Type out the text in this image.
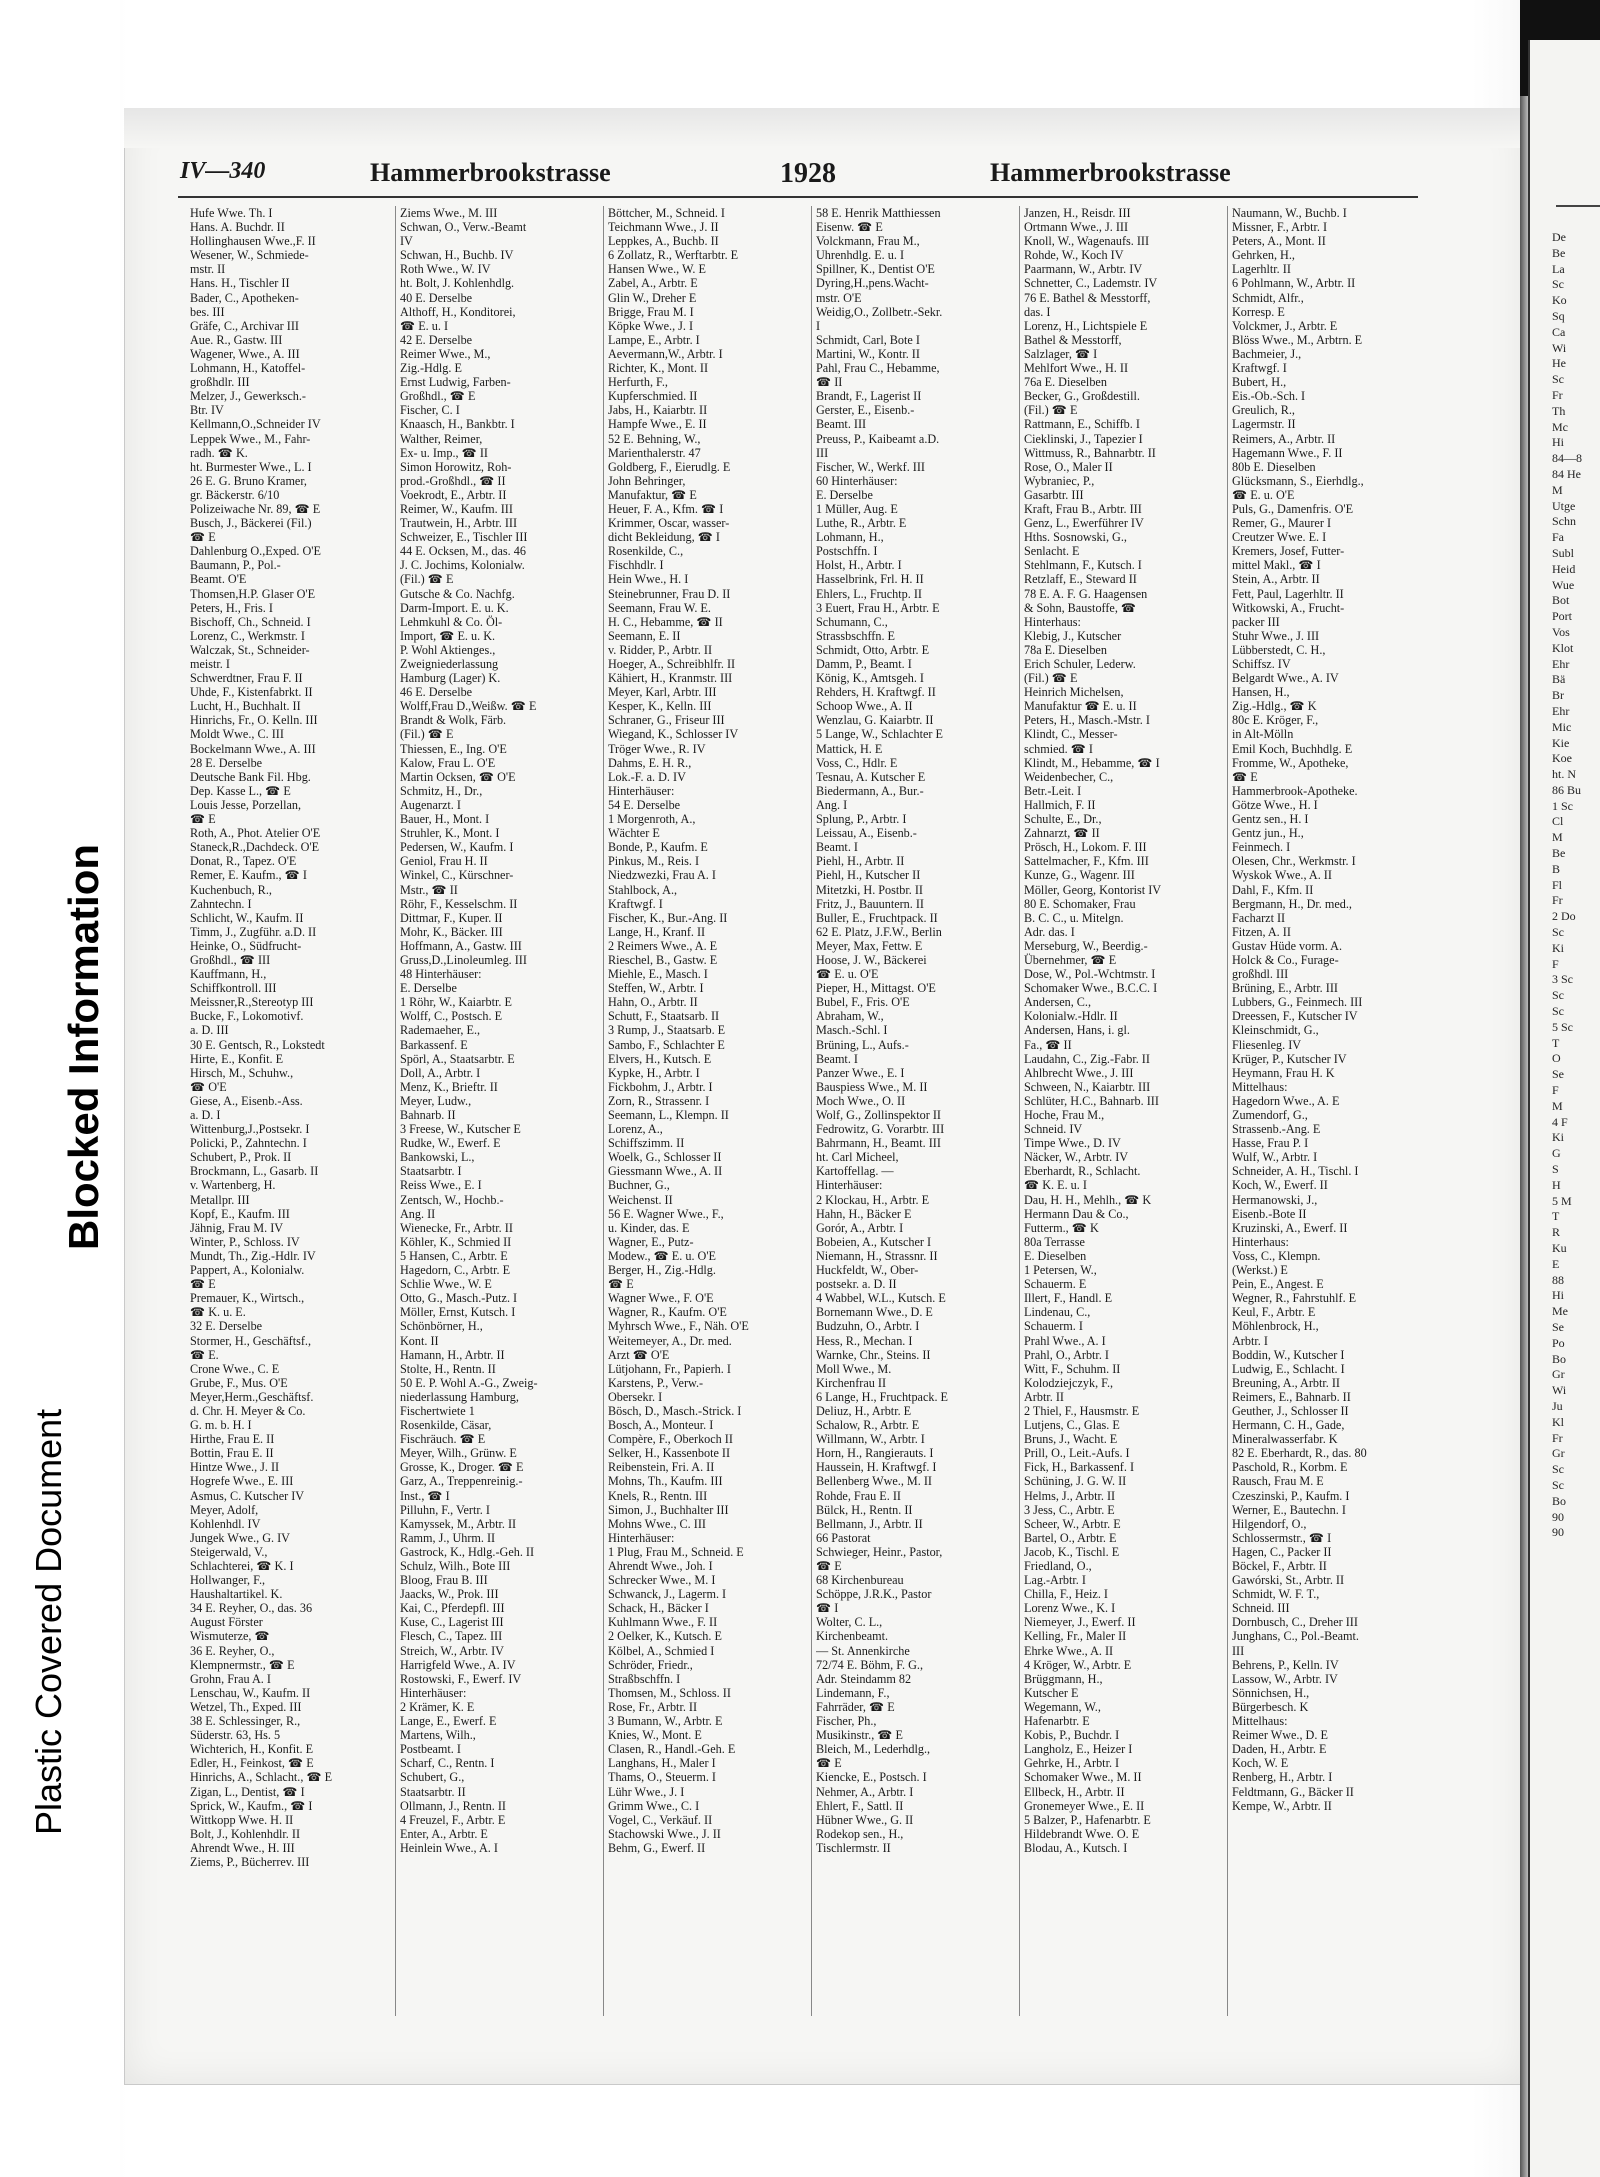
Plastic Covered Document
Blocked Information
IV—340	Hammerbrookstrasse	1928	Hammerbrookstrasse
Hufe Wwe. Th. I
Hans. A. Buchdr. II
Hollinghausen Wwe.,F. II
Wesener, W., Schmiede-
mstr. II
Hans. H., Tischler II
Bader, C., Apotheken-
bes. III
Gräfe, C., Archivar III
Aue. R., Gastw. III
Wagener, Wwe., A. III
Lohmann, H., Katoffel-
großhdlr. III
Melzer, J., Gewerksch.-
Btr. IV
Kellmann,O.,Schneider IV
Leppek Wwe., M., Fahr-
radh. ☎ K.
ht. Burmester Wwe., L. I
26 E. G. Bruno Kramer,
gr. Bäckerstr. 6/10
Polizeiwache Nr. 89, ☎ E
Busch, J., Bäckerei (Fil.)
☎ E
Dahlenburg O.,Exped. O'E
Baumann, P., Pol.-
Beamt. O'E
Thomsen,H.P. Glaser O'E
Peters, H., Fris. I
Bischoff, Ch., Schneid. I
Lorenz, C., Werkmstr. I
Walczak, St., Schneider-
meistr. I
Schwerdtner, Frau F. II
Uhde, F., Kistenfabrkt. II
Lucht, H., Buchhalt. II
Hinrichs, Fr., O. Kelln. III
Moldt Wwe., C. III
Bockelmann Wwe., A. III
28 E. Derselbe
Deutsche Bank Fil. Hbg.
Dep. Kasse L., ☎ E
Louis Jesse, Porzellan,
☎ E
Roth, A., Phot. Atelier O'E
Staneck,R.,Dachdeck. O'E
Donat, R., Tapez. O'E
Remer, E. Kaufm., ☎ I
Kuchenbuch, R.,
Zahntechn. I
Schlicht, W., Kaufm. II
Timm, J., Zugführ. a.D. II
Heinke, O., Südfrucht-
Großhdl., ☎ III
Kauffmann, H.,
Schiffkontroll. III
Meissner,R.,Stereotyp III
Bucke, F., Lokomotivf.
a. D. III
30 E. Gentsch, R., Lokstedt
Hirte, E., Konfit. E
Hirsch, M., Schuhw.,
☎ O'E
Giese, A., Eisenb.-Ass.
a. D. I
Wittenburg,J.,Postsekr. I
Policki, P., Zahntechn. I
Schubert, P., Prok. II
Brockmann, L., Gasarb. II
v. Wartenberg, H.
Metallpr. III
Kopf, E., Kaufm. III
Jähnig, Frau M. IV
Winter, P., Schloss. IV
Mundt, Th., Zig.-Hdlr. IV
Pappert, A., Kolonialw.
☎ E
Premauer, K., Wirtsch.,
☎ K. u. E.
32 E. Derselbe
Stormer, H., Geschäftsf.,
☎ E.
Crone Wwe., C. E
Grube, F., Mus. O'E
Meyer,Herm.,Geschäftsf.
d. Chr. H. Meyer & Co.
G. m. b. H. I
Hirthe, Frau E. II
Bottin, Frau E. II
Hintze Wwe., J. II
Hogrefe Wwe., E. III
Asmus, C. Kutscher IV
Meyer, Adolf,
Kohlenhdl. IV
Jungek Wwe., G. IV
Steigerwald, V.,
Schlachterei, ☎ K. I
Hollwanger, F.,
Haushaltartikel. K.
34 E. Reyher, O., das. 36
August Förster
Wismuterze, ☎
36 E. Reyher, O.,
Klempnermstr., ☎ E
Grohn, Frau A. I
Lenschau, W., Kaufm. II
Wetzel, Th., Exped. III
38 E. Schlessinger, R.,
Süderstr. 63, Hs. 5
Wichterich, H., Konfit. E
Edler, H., Feinkost, ☎ E
Hinrichs, A., Schlacht., ☎ E
Zigan, L., Dentist, ☎ I
Sprick, W., Kaufm., ☎ I
Wittkopp Wwe. H. II
Bolt, J., Kohlenhdlr. II
Ahrendt Wwe., H. III
Ziems, P., Bücherrev. III
Ziems Wwe., M. III
Schwan, O., Verw.-Beamt
IV
Schwan, H., Buchb. IV
Roth Wwe., W. IV
ht. Bolt, J. Kohlenhdlg.
40 E. Derselbe
Althoff, H., Konditorei,
☎ E. u. I
42 E. Derselbe
Reimer Wwe., M.,
Zig.-Hdlg. E
Ernst Ludwig, Farben-
Großhdl., ☎ E
Fischer, C. I
Knaasch, H., Bankbtr. I
Walther, Reimer,
Ex- u. Imp., ☎ II
Simon Horowitz, Roh-
prod.-Großhdl., ☎ II
Voekrodt, E., Arbtr. II
Reimer, W., Kaufm. III
Trautwein, H., Arbtr. III
Schweizer, E., Tischler III
44 E. Ocksen, M., das. 46
J. C. Jochims, Kolonialw.
(Fil.) ☎ E
Gutsche & Co. Nachfg.
Darm-Import. E. u. K.
Lehmkuhl & Co. Öl-
Import, ☎ E. u. K.
P. Wohl Aktienges.,
Zweigniederlassung
Hamburg (Lager) K.
46 E. Derselbe
Wolff,Frau D.,Weißw. ☎ E
Brandt & Wolk, Färb.
(Fil.) ☎ E
Thiessen, E., Ing. O'E
Kalow, Frau L. O'E
Martin Ocksen, ☎ O'E
Schmitz, H., Dr.,
Augenarzt. I
Bauer, H., Mont. I
Struhler, K., Mont. I
Pedersen, W., Kaufm. I
Geniol, Frau H. II
Winkel, C., Kürschner-
Mstr., ☎ II
Röhr, F., Kesselschm. II
Dittmar, F., Kuper. II
Mohr, K., Bäcker. III
Hoffmann, A., Gastw. III
Gruss,D.,Linoleumleg. III
48 Hinterhäuser:
E. Derselbe
1 Röhr, W., Kaiarbtr. E
Wolff, C., Postsch. E
Rademaeher, E.,
Barkassenf. E
Spörl, A., Staatsarbtr. E
Doll, A., Arbtr. I
Menz, K., Brieftr. II
Meyer, Ludw.,
Bahnarb. II
3 Freese, W., Kutscher E
Rudke, W., Ewerf. E
Bankowski, L.,
Staatsarbtr. I
Reiss Wwe., E. I
Zentsch, W., Hochb.-
Ang. II
Wienecke, Fr., Arbtr. II
Köhler, K., Schmied II
5 Hansen, C., Arbtr. E
Hagedorn, C., Arbtr. E
Schlie Wwe., W. E
Otto, G., Masch.-Putz. I
Möller, Ernst, Kutsch. I
Schönbörner, H.,
Kont. II
Hamann, H., Arbtr. II
Stolte, H., Rentn. II
50 E. P. Wohl A.-G., Zweig-
niederlassung Hamburg,
Fischertwiete 1
Rosenkilde, Cäsar,
Fischräuch. ☎ E
Meyer, Wilh., Grünw. E
Grosse, K., Droger. ☎ E
Garz, A., Treppenreinig.-
Inst., ☎ I
Pilluhn, F., Vertr. I
Kamyssek, M., Arbtr. II
Ramm, J., Uhrm. II
Gastrock, K., Hdlg.-Geh. II
Schulz, Wilh., Bote III
Bloog, Frau B. III
Jaacks, W., Prok. III
Kai, C., Pferdepfl. III
Kuse, C., Lagerist III
Flesch, C., Tapez. III
Streich, W., Arbtr. IV
Harrigfeld Wwe., A. IV
Rostowski, F., Ewerf. IV
Hinterhäuser:
2 Krämer, K. E
Lange, E., Ewerf. E
Martens, Wilh.,
Postbeamt. I
Scharf, C., Rentn. I
Schubert, G.,
Staatsarbtr. II
Ollmann, J., Rentn. II
4 Freuzel, F., Arbtr. E
Enter, A., Arbtr. E
Heinlein Wwe., A. I
Böttcher, M., Schneid. I
Teichmann Wwe., J. II
Leppkes, A., Buchb. II
6 Zollatz, R., Werftarbtr. E
Hansen Wwe., W. E
Zabel, A., Arbtr. E
Glin W., Dreher E
Brigge, Frau M. I
Köpke Wwe., J. I
Lampe, E., Arbtr. I
Aevermann,W., Arbtr. I
Richter, K., Mont. II
Herfurth, F.,
Kupferschmied. II
Jabs, H., Kaiarbtr. II
Hampfe Wwe., E. II
52 E. Behning, W.,
Marienthalerstr. 47
Goldberg, F., Eierudlg. E
John Behringer,
Manufaktur, ☎ E
Heuer, F. A., Kfm. ☎ I
Krimmer, Oscar, wasser-
dicht Bekleidung, ☎ I
Rosenkilde, C.,
Fischhdlr. I
Hein Wwe., H. I
Steinebrunner, Frau D. II
Seemann, Frau W. E.
H. C., Hebamme, ☎ II
Seemann, E. II
v. Ridder, P., Arbtr. II
Hoeger, A., Schreibhlfr. II
Kähiert, H., Kranmstr. III
Meyer, Karl, Arbtr. III
Kesper, K., Kelln. III
Schraner, G., Friseur III
Wiegand, K., Schlosser IV
Tröger Wwe., R. IV
Dahms, E. H. R.,
Lok.-F. a. D. IV
Hinterhäuser:
54 E. Derselbe
1 Morgenroth, A.,
Wächter E
Bonde, P., Kaufm. E
Pinkus, M., Reis. I
Niedzwezki, Frau A. I
Stahlbock, A.,
Kraftwgf. I
Fischer, K., Bur.-Ang. II
Lange, H., Kranf. II
2 Reimers Wwe., A. E
Rieschel, B., Gastw. E
Miehle, E., Masch. I
Steffen, W., Arbtr. I
Hahn, O., Arbtr. II
Schutt, F., Staatsarb. II
3 Rump, J., Staatsarb. E
Sambo, F., Schlachter E
Elvers, H., Kutsch. E
Kypke, H., Arbtr. I
Fickbohm, J., Arbtr. I
Zorn, R., Strassenr. I
Seemann, L., Klempn. II
Lorenz, A.,
Schiffszimm. II
Woelk, G., Schlosser II
Giessmann Wwe., A. II
Buchner, G.,
Weichenst. II
56 E. Wagner Wwe., F.,
u. Kinder, das. E
Wagner, E., Putz-
Modew., ☎ E. u. O'E
Berger, H., Zig.-Hdlg.
☎ E
Wagner Wwe., F. O'E
Wagner, R., Kaufm. O'E
Myhrsch Wwe., F., Näh. O'E
Weitemeyer, A., Dr. med.
Arzt ☎ O'E
Lütjohann, Fr., Papierh. I
Karstens, P., Verw.-
Obersekr. I
Bösch, D., Masch.-Strick. I
Bosch, A., Monteur. I
Compère, F., Oberkoch II
Selker, H., Kassenbote II
Reibenstein, Fri. A. II
Mohns, Th., Kaufm. III
Knels, R., Rentn. III
Simon, J., Buchhalter III
Mohns Wwe., C. III
Hinterhäuser:
1 Plug, Frau M., Schneid. E
Ahrendt Wwe., Joh. I
Schrecker Wwe., M. I
Schwanck, J., Lagerm. I
Schack, H., Bäcker I
Kuhlmann Wwe., F. II
2 Oelker, K., Kutsch. E
Kölbel, A., Schmied I
Schröder, Friedr.,
Straßbschffn. I
Thomsen, M., Schloss. II
Rose, Fr., Arbtr. II
3 Bumann, W., Arbtr. E
Knies, W., Mont. E
Clasen, R., Handl.-Geh. E
Langhans, H., Maler I
Thams, O., Steuerm. I
Lühr Wwe., J. I
Grimm Wwe., C. I
Vogel, C., Verkäuf. II
Stachowski Wwe., J. II
Behm, G., Ewerf. II
58 E. Henrik Matthiessen
Eisenw. ☎ E
Volckmann, Frau M.,
Uhrenhdlg. E. u. I
Spillner, K., Dentist O'E
Dyring,H.,pens.Wacht-
mstr. O'E
Weidig,O., Zollbetr.-Sekr.
I
Schmidt, Carl, Bote I
Martini, W., Kontr. II
Pahl, Frau C., Hebamme,
☎ II
Brandt, F., Lagerist II
Gerster, E., Eisenb.-
Beamt. III
Preuss, P., Kaibeamt a.D.
III
Fischer, W., Werkf. III
60 Hinterhäuser:
E. Derselbe
1 Müller, Aug. E
Luthe, R., Arbtr. E
Lohmann, H.,
Postschffn. I
Holst, H., Arbtr. I
Hasselbrink, Frl. H. II
Ehlers, L., Fruchtp. II
3 Euert, Frau H., Arbtr. E
Schumann, C.,
Strassbschffn. E
Schmidt, Otto, Arbtr. E
Damm, P., Beamt. I
König, K., Amtsgeh. I
Rehders, H. Kraftwgf. II
Schoop Wwe., A. II
Wenzlau, G. Kaiarbtr. II
5 Lange, W., Schlachter E
Mattick, H. E
Voss, C., Hdlr. E
Tesnau, A. Kutscher E
Biedermann, A., Bur.-
Ang. I
Splung, P., Arbtr. I
Leissau, A., Eisenb.-
Beamt. I
Piehl, H., Arbtr. II
Piehl, H., Kutscher II
Mitetzki, H. Postbr. II
Fritz, J., Bauuntern. II
Buller, E., Fruchtpack. II
62 E. Platz, J.F.W., Berlin
Meyer, Max, Fettw. E
Hoose, J. W., Bäckerei
☎ E. u. O'E
Pieper, H., Mittagst. O'E
Bubel, F., Fris. O'E
Abraham, W.,
Masch.-Schl. I
Brüning, L., Aufs.-
Beamt. I
Panzer Wwe., E. I
Bauspiess Wwe., M. II
Moch Wwe., O. II
Wolf, G., Zollinspektor II
Fedrowitz, G. Vorarbtr. III
Bahrmann, H., Beamt. III
ht. Carl Micheel,
Kartoffellag. —
Hinterhäuser:
2 Klockau, H., Arbtr. E
Hahn, H., Bäcker E
Gorór, A., Arbtr. I
Bobeien, A., Kutscher I
Niemann, H., Strassnr. II
Huckfeldt, W., Ober-
postsekr. a. D. II
4 Wabbel, W.L., Kutsch. E
Bornemann Wwe., D. E
Budzuhn, O., Arbtr. I
Hess, R., Mechan. I
Warnke, Chr., Steins. II
Moll Wwe., M.
Kirchenfrau II
6 Lange, H., Fruchtpack. E
Deliuz, H., Arbtr. E
Schalow, R., Arbtr. E
Willmann, W., Arbtr. I
Horn, H., Rangierauts. I
Haussein, H. Kraftwgf. I
Bellenberg Wwe., M. II
Rohde, Frau E. II
Bülck, H., Rentn. II
Bellmann, J., Arbtr. II
66 Pastorat
Schwieger, Heinr., Pastor,
☎ E
68 Kirchenbureau
Schöppe, J.R.K., Pastor
☎ I
Wolter, C. L.,
Kirchenbeamt.
— St. Annenkirche
72/74 E. Böhm, F. G.,
Adr. Steindamm 82
Lindemann, F.,
Fahrräder, ☎ E
Fischer, Ph.,
Musikinstr., ☎ E
Bleich, M., Lederhdlg.,
☎ E
Kiencke, E., Postsch. I
Nehmer, A., Arbtr. I
Ehlert, F., Sattl. II
Hübner Wwe., G. II
Rodekop sen., H.,
Tischlermstr. II
Janzen, H., Reisdr. III
Ortmann Wwe., J. III
Knoll, W., Wagenaufs. III
Rohde, W., Koch IV
Paarmann, W., Arbtr. IV
Schnetter, C., Lademstr. IV
76 E. Bathel & Messtorff,
das. I
Lorenz, H., Lichtspiele E
Bathel & Messtorff,
Salzlager, ☎ I
Mehlfort Wwe., H. II
76a E. Dieselben
Becker, G., Großdestill.
(Fil.) ☎ E
Rattmann, E., Schiffb. I
Cieklinski, J., Tapezier I
Wittmuss, R., Bahnarbtr. II
Rose, O., Maler II
Wybraniec, P.,
Gasarbtr. III
Kraft, Frau B., Arbtr. III
Genz, L., Ewerführer IV
Hths. Sosnowski, G.,
Senlacht. E
Stehlmann, F., Kutsch. I
Retzlaff, E., Steward II
78 E. A. F. G. Haagensen
& Sohn, Baustoffe, ☎
Hinterhaus:
Klebig, J., Kutscher
78a E. Dieselben
Erich Schuler, Lederw.
(Fil.) ☎ E
Heinrich Michelsen,
Manufaktur ☎ E. u. II
Peters, H., Masch.-Mstr. I
Klindt, C., Messer-
schmied. ☎ I
Klindt, M., Hebamme, ☎ I
Weidenbecher, C.,
Betr.-Leit. I
Hallmich, F. II
Schulte, E., Dr.,
Zahnarzt, ☎ II
Prösch, H., Lokom. F. III
Sattelmacher, F., Kfm. III
Kunze, G., Wagenr. III
Möller, Georg, Kontorist IV
80 E. Schomaker, Frau
B. C. C., u. Mitelgn.
Adr. das. I
Merseburg, W., Beerdig.-
Übernehmer, ☎ E
Dose, W., Pol.-Wchtmstr. I
Schomaker Wwe., B.C.C. I
Andersen, C.,
Kolonialw.-Hdlr. II
Andersen, Hans, i. gl.
Fa., ☎ II
Laudahn, C., Zig.-Fabr. II
Ahlbrecht Wwe., J. III
Schween, N., Kaiarbtr. III
Schlüter, H.C., Bahnarb. III
Hoche, Frau M.,
Schneid. IV
Timpe Wwe., D. IV
Näcker, W., Arbtr. IV
Eberhardt, R., Schlacht.
☎ K. E. u. I
Dau, H. H., Mehlh., ☎ K
Hermann Dau & Co.,
Futterm., ☎ K
80a Terrasse
E. Dieselben
1 Petersen, W.,
Schauerm. E
Illert, F., Handl. E
Lindenau, C.,
Schauerm. I
Prahl Wwe., A. I
Prahl, O., Arbtr. I
Witt, F., Schuhm. II
Kolodziejczyk, F.,
Arbtr. II
2 Thiel, F., Hausmstr. E
Lutjens, C., Glas. E
Bruns, J., Wacht. E
Prill, O., Leit.-Aufs. I
Fick, H., Barkassenf. I
Schüning, J. G. W. II
Helms, J., Arbtr. II
3 Jess, C., Arbtr. E
Scheer, W., Arbtr. E
Bartel, O., Arbtr. E
Jacob, K., Tischl. E
Friedland, O.,
Lag.-Arbtr. I
Chilla, F., Heiz. I
Lorenz Wwe., K. I
Niemeyer, J., Ewerf. II
Kelling, Fr., Maler II
Ehrke Wwe., A. II
4 Kröger, W., Arbtr. E
Brüggmann, H.,
Kutscher E
Wegemann, W.,
Hafenarbtr. E
Kobis, P., Buchdr. I
Langholz, E., Heizer I
Gehrke, H., Arbtr. I
Schomaker Wwe., M. II
Ellbeck, H., Arbtr. II
Gronemeyer Wwe., E. II
5 Balzer, P., Hafenarbtr. E
Hildebrandt Wwe. O. E
Blodau, A., Kutsch. I
Naumann, W., Buchb. I
Missner, F., Arbtr. I
Peters, A., Mont. II
Gehrken, H.,
Lagerhltr. II
6 Pohlmann, W., Arbtr. II
Schmidt, Alfr.,
Korresp. E
Volckmer, J., Arbtr. E
Blöss Wwe., M., Arbtrn. E
Bachmeier, J.,
Kraftwgf. I
Bubert, H.,
Eis.-Ob.-Sch. I
Greulich, R.,
Lagermstr. II
Reimers, A., Arbtr. II
Hagemann Wwe., F. II
80b E. Dieselben
Glücksmann, S., Eierhdlg.,
☎ E. u. O'E
Puls, G., Damenfris. O'E
Remer, G., Maurer I
Creutzer Wwe. E. I
Kremers, Josef, Futter-
mittel Makl., ☎ I
Stein, A., Arbtr. II
Fett, Paul, Lagerhltr. II
Witkowski, A., Frucht-
packer III
Stuhr Wwe., J. III
Lübberstedt, C. H.,
Schiffsz. IV
Belgardt Wwe., A. IV
Hansen, H.,
Zig.-Hdlg., ☎ K
80c E. Kröger, F.,
in Alt-Mölln
Emil Koch, Buchhdlg. E
Fromme, W., Apotheke,
☎ E
Hammerbrook-Apotheke.
Götze Wwe., H. I
Gentz sen., H. I
Gentz jun., H.,
Feinmech. I
Olesen, Chr., Werkmstr. I
Wyskok Wwe., A. II
Dahl, F., Kfm. II
Bergmann, H., Dr. med.,
Facharzt II
Fitzen, A. II
Gustav Hüde vorm. A.
Holck & Co., Furage-
großhdl. III
Brüning, E., Arbtr. III
Lubbers, G., Feinmech. III
Dreessen, F., Kutscher IV
Kleinschmidt, G.,
Fliesenleg. IV
Krüger, P., Kutscher IV
Heymann, Frau H. K
Mittelhaus:
Hagedorn Wwe., A. E
Zumendorf, G.,
Strassenb.-Ang. E
Hasse, Frau P. I
Wulf, W., Arbtr. I
Schneider, A. H., Tischl. I
Koch, W., Ewerf. II
Hermanowski, J.,
Eisenb.-Bote II
Kruzinski, A., Ewerf. II
Hinterhaus:
Voss, C., Klempn.
(Werkst.) E
Pein, E., Angest. E
Wegner, R., Fahrstuhlf. E
Keul, F., Arbtr. E
Möhlenbrock, H.,
Arbtr. I
Boddin, W., Kutscher I
Ludwig, E., Schlacht. I
Breuning, A., Arbtr. II
Reimers, E., Bahnarb. II
Geuther, J., Schlosser II
Hermann, C. H., Gade,
Mineralwasserfabr. K
82 E. Eberhardt, R., das. 80
Paschold, R., Korbm. E
Rausch, Frau M. E
Czeszinski, P., Kaufm. I
Werner, E., Bautechn. I
Hilgendorf, O.,
Schlossermstr., ☎ I
Hagen, C., Packer II
Böckel, F., Arbtr. II
Gawórski, St., Arbtr. II
Schmidt, W. F. T.,
Schneid. III
Dornbusch, C., Dreher III
Junghans, C., Pol.-Beamt.
III
Behrens, P., Kelln. IV
Lassow, W., Arbtr. IV
Sönnichsen, H.,
Bürgerbesch. K
Mittelhaus:
Reimer Wwe., D. E
Daden, H., Arbtr. E
Koch, W. E
Renberg, H., Arbtr. I
Feldtmann, G., Bäcker II
Kempe, W., Arbtr. II
De
Be
La
Sc
Ko
Sq
Ca
Wi
He
Sc
Fr
Th
Mc
Hi
84—8
84 He
M
Utge
Schn
Fa
Subl
Heid
Wue
Bot
Port
Vos
Klot
Ehr
Bä
Br
Ehr
Mic
Kie
Koe
ht. N
86 Bu
1 Sc
Cl
M
Be
B
Fl
Fr
2 Do
Sc
Ki
F
3 Sc
Sc
Sc
5 Sc
T
O
Se
F
M
4 F
Ki
G
S
H
5 M
T
R
Ku
E
88
Hi
Me
Se
Po
Bo
Gr
Wi
Ju
Kl
Fr
Gr
Sc
Sc
Bo
90
90
